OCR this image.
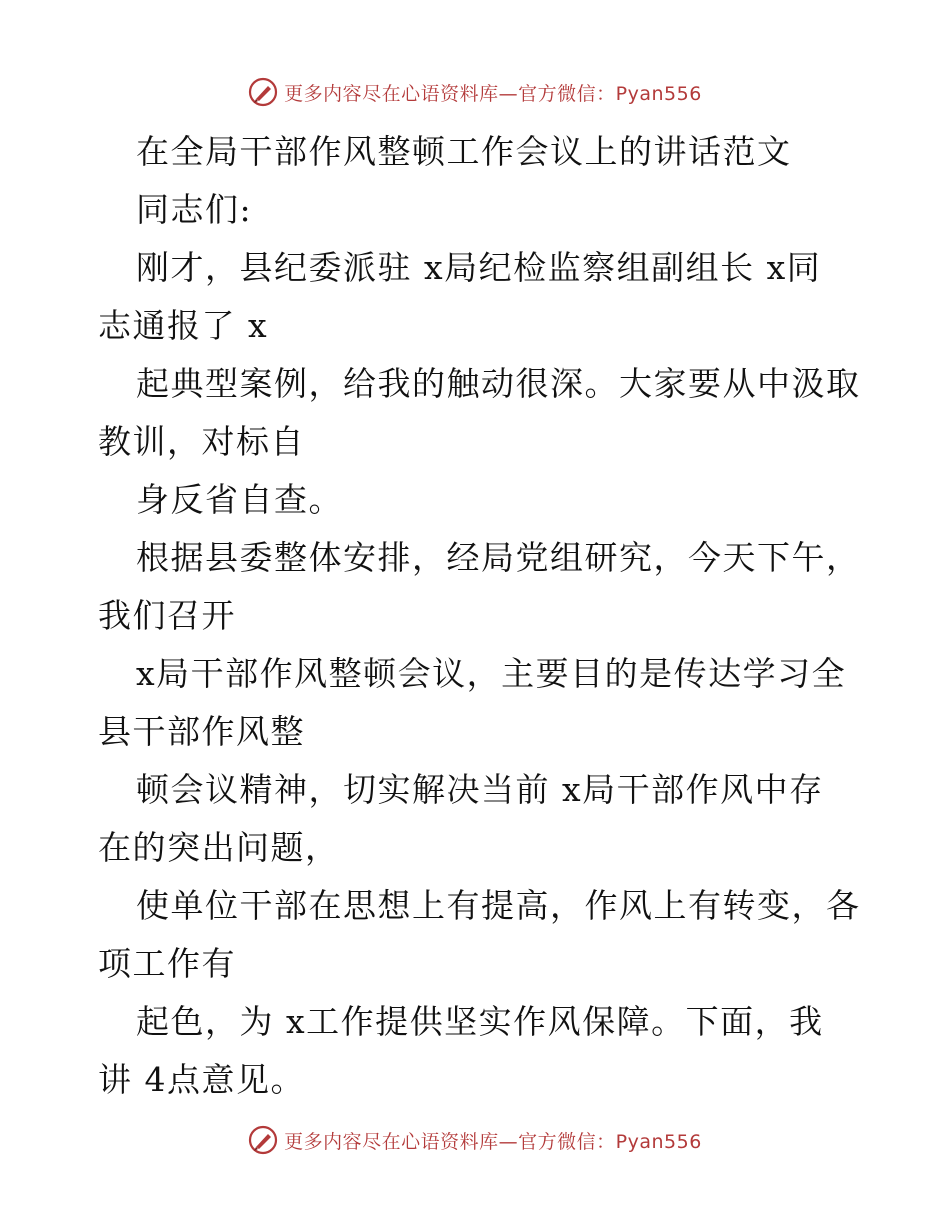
更多内容尽在心语资料库—官方微信：Pyan556
在全局干部作风整顿工作会议上的讲话范文
同志们:
刚才，县纪委派驻 x局纪检监察组副组长 x同
志通报了 x
起典型案例，给我的触动很深。大家要从中汲取
教训，对标自
身反省自查。
根据县委整体安排，经局党组研究，今天下午，
我们召开
x局干部作风整顿会议，主要目的是传达学习全
县干部作风整
顿会议精神，切实解决当前 x局干部作风中存
在的突出问题，
使单位干部在思想上有提高，作风上有转变，各
项工作有
起色，为 x工作提供坚实作风保障。下面，我
讲 4点意见。
更多内容尽在心语资料库—官方微信：Pyan556
